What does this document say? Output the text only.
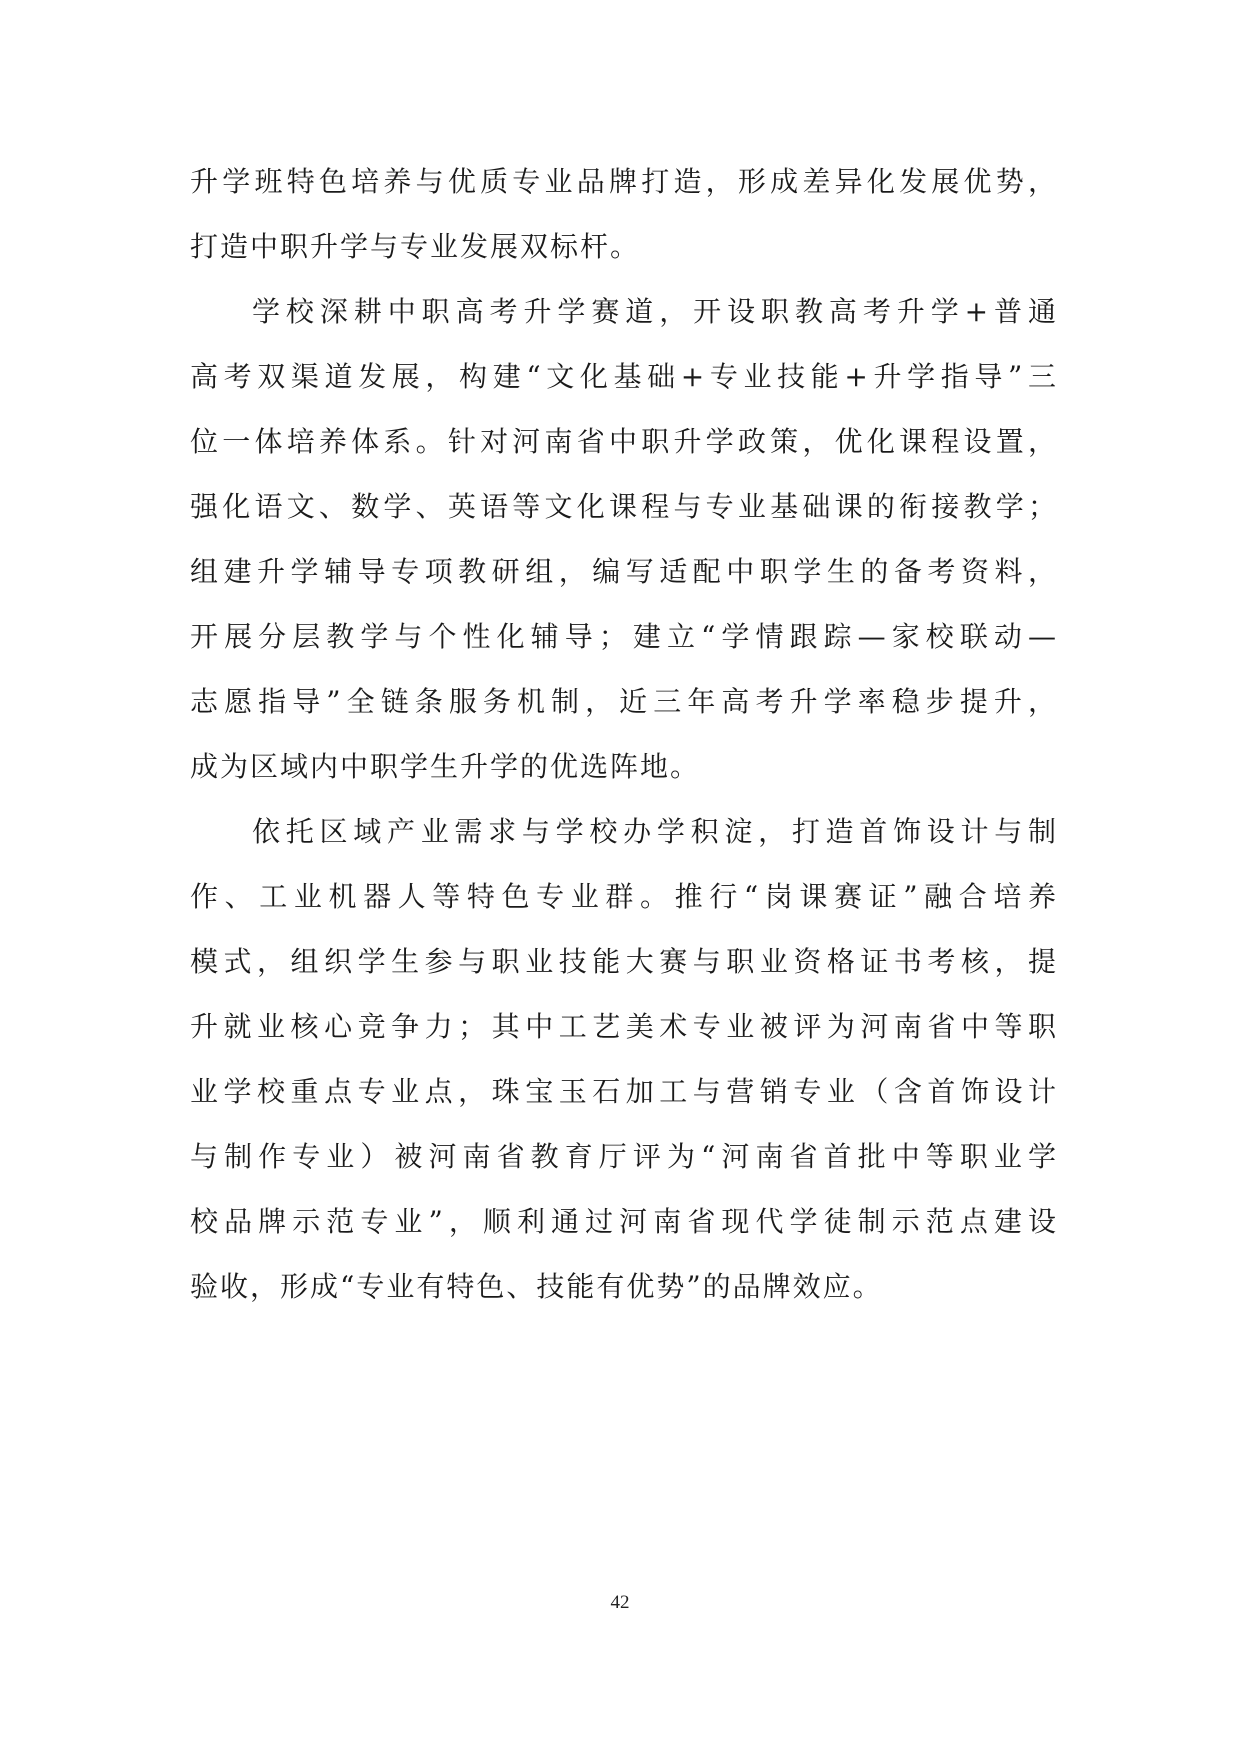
升学班特色培养与优质专业品牌打造，形成差异化发展优势，
打造中职升学与专业发展双标杆。
学校深耕中职高考升学赛道，开设职教高考升学+普通
高考双渠道发展，构建“文化基础+专业技能+升学指导”三
位一体培养体系。针对河南省中职升学政策，优化课程设置，
强化语文、数学、英语等文化课程与专业基础课的衔接教学；
组建升学辅导专项教研组，编写适配中职学生的备考资料，
开展分层教学与个性化辅导；建立“学情跟踪—家校联动—
志愿指导”全链条服务机制，近三年高考升学率稳步提升，
成为区域内中职学生升学的优选阵地。
依托区域产业需求与学校办学积淀，打造首饰设计与制
作、工业机器人等特色专业群。推行“岗课赛证”融合培养
模式，组织学生参与职业技能大赛与职业资格证书考核，提
升就业核心竞争力；其中工艺美术专业被评为河南省中等职
业学校重点专业点，珠宝玉石加工与营销专业（含首饰设计
与制作专业）被河南省教育厅评为“河南省首批中等职业学
校品牌示范专业”，顺利通过河南省现代学徒制示范点建设
验收，形成“专业有特色、技能有优势”的品牌效应。
42
